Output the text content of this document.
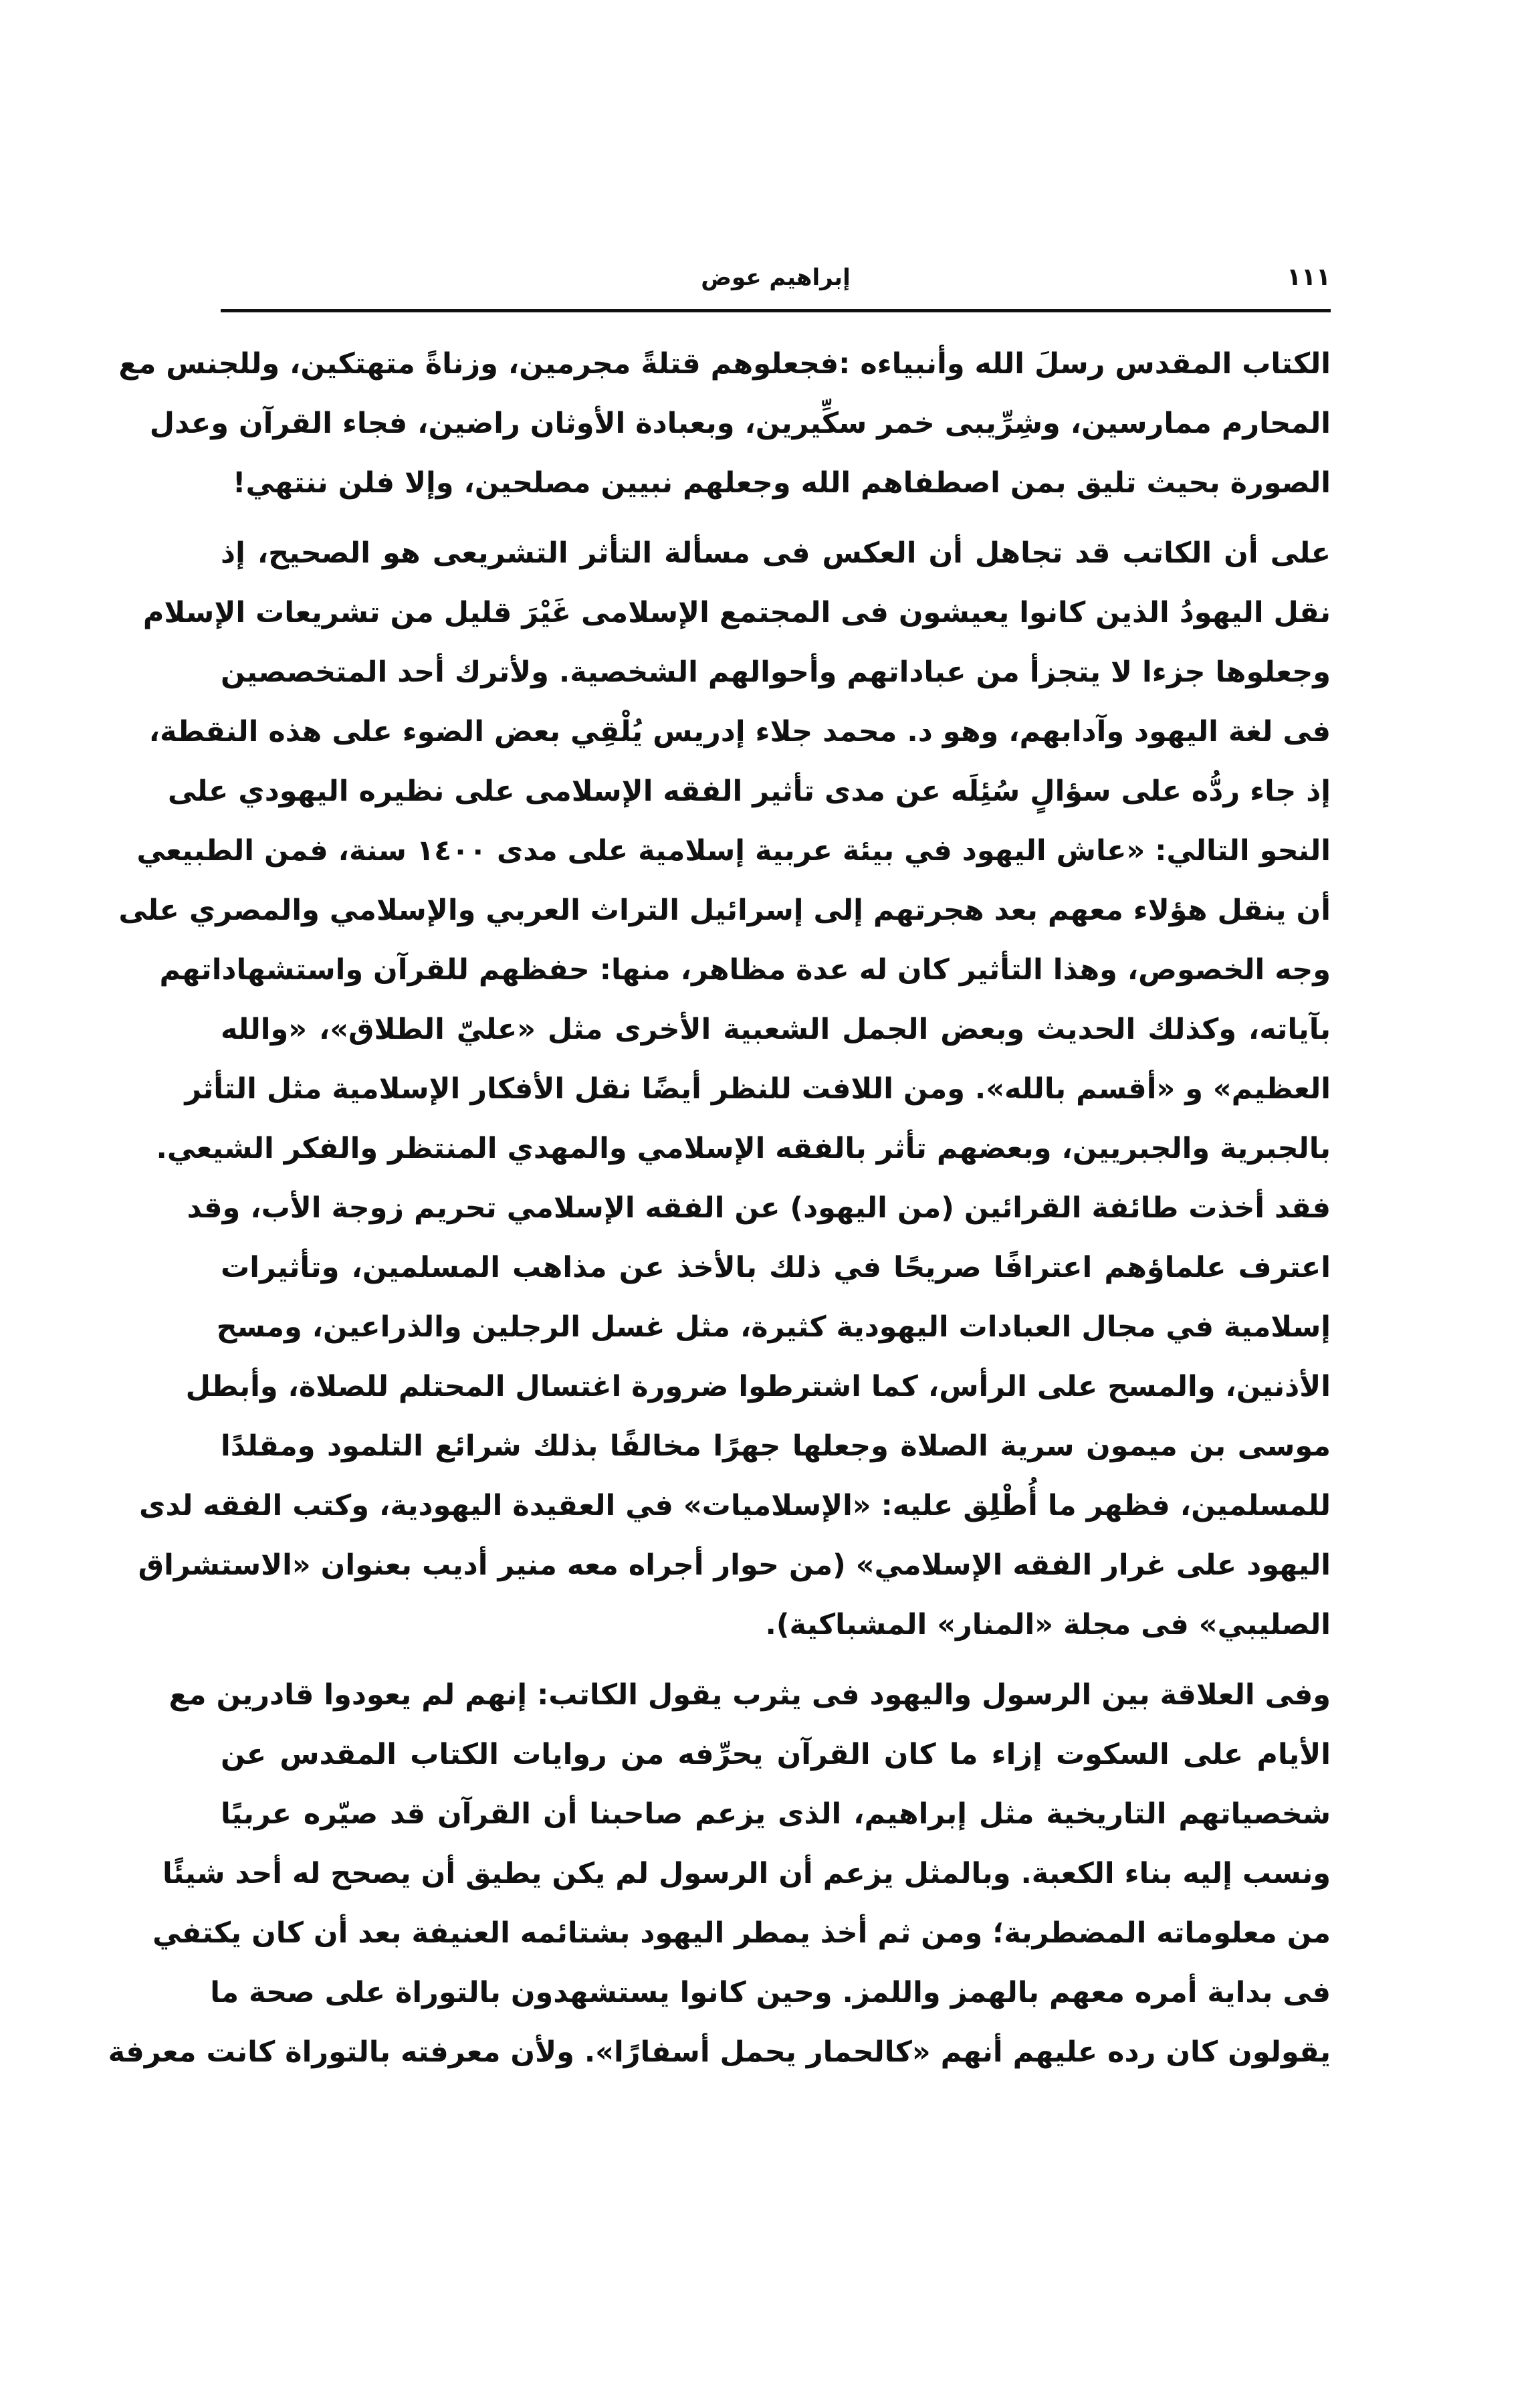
١١١
إبراهيم عوض

الكتاب المقدس رسلَ الله وأنبياءه :فجعلوهم قتلةً مجرمين، وزناةً متهتكين، وللجنس مع
المحارم ممارسين، وشِرِّيبى خمر سكِّيرين، وبعبادة الأوثان راضين، فجاء القرآن وعدل
الصورة بحيث تليق بمن اصطفاهم الله وجعلهم نبيين مصلحين، وإلا فلن ننتهي!

على أن الكاتب قد تجاهل أن العكس فى مسألة التأثر التشريعى هو الصحيح، إذ
نقل اليهودُ الذين كانوا يعيشون فى المجتمع الإسلامى غَيْرَ قليل من تشريعات الإسلام
وجعلوها جزءا لا يتجزأ من عباداتهم وأحوالهم الشخصية. ولأترك أحد المتخصصين
فى لغة اليهود وآدابهم، وهو د. محمد جلاء إدريس يُلْقِي بعض الضوء على هذه النقطة،
إذ جاء ردُّه على سؤالٍ سُئِلَه عن مدى تأثير الفقه الإسلامى على نظيره اليهودي على
النحو التالي: «عاش اليهود في بيئة عربية إسلامية على مدى ١٤٠٠ سنة، فمن الطبيعي
أن ينقل هؤلاء معهم بعد هجرتهم إلى إسرائيل التراث العربي والإسلامي والمصري على
وجه الخصوص، وهذا التأثير كان له عدة مظاهر، منها: حفظهم للقرآن واستشهاداتهم
بآياته، وكذلك الحديث وبعض الجمل الشعبية الأخرى مثل «عليّ الطلاق»، «والله
العظيم» و «أقسم بالله». ومن اللافت للنظر أيضًا نقل الأفكار الإسلامية مثل التأثر
بالجبرية والجبريين، وبعضهم تأثر بالفقه الإسلامي والمهدي المنتظر والفكر الشيعي.
فقد أخذت طائفة القرائين (من اليهود) عن الفقه الإسلامي تحريم زوجة الأب، وقد
اعترف علماؤهم اعترافًا صريحًا في ذلك بالأخذ عن مذاهب المسلمين، وتأثيرات
إسلامية في مجال العبادات اليهودية كثيرة، مثل غسل الرجلين والذراعين، ومسح
الأذنين، والمسح على الرأس، كما اشترطوا ضرورة اغتسال المحتلم للصلاة، وأبطل
موسى بن ميمون سرية الصلاة وجعلها جهرًا مخالفًا بذلك شرائع التلمود ومقلدًا
للمسلمين، فظهر ما أُطْلِق عليه: «الإسلاميات» في العقيدة اليهودية، وكتب الفقه لدى
اليهود على غرار الفقه الإسلامي» (من حوار أجراه معه منير أديب بعنوان «الاستشراق
الصليبي» فى مجلة «المنار» المشباكية).

وفى العلاقة بين الرسول واليهود فى يثرب يقول الكاتب: إنهم لم يعودوا قادرين مع
الأيام على السكوت إزاء ما كان القرآن يحرِّفه من روايات الكتاب المقدس عن
شخصياتهم التاريخية مثل إبراهيم، الذى يزعم صاحبنا أن القرآن قد صيّره عربيًا
ونسب إليه بناء الكعبة. وبالمثل يزعم أن الرسول لم يكن يطيق أن يصحح له أحد شيئًا
من معلوماته المضطربة؛ ومن ثم أخذ يمطر اليهود بشتائمه العنيفة بعد أن كان يكتفي
فى بداية أمره معهم بالهمز واللمز. وحين كانوا يستشهدون بالتوراة على صحة ما
يقولون كان رده عليهم أنهم «كالحمار يحمل أسفارًا». ولأن معرفته بالتوراة كانت معرفة
